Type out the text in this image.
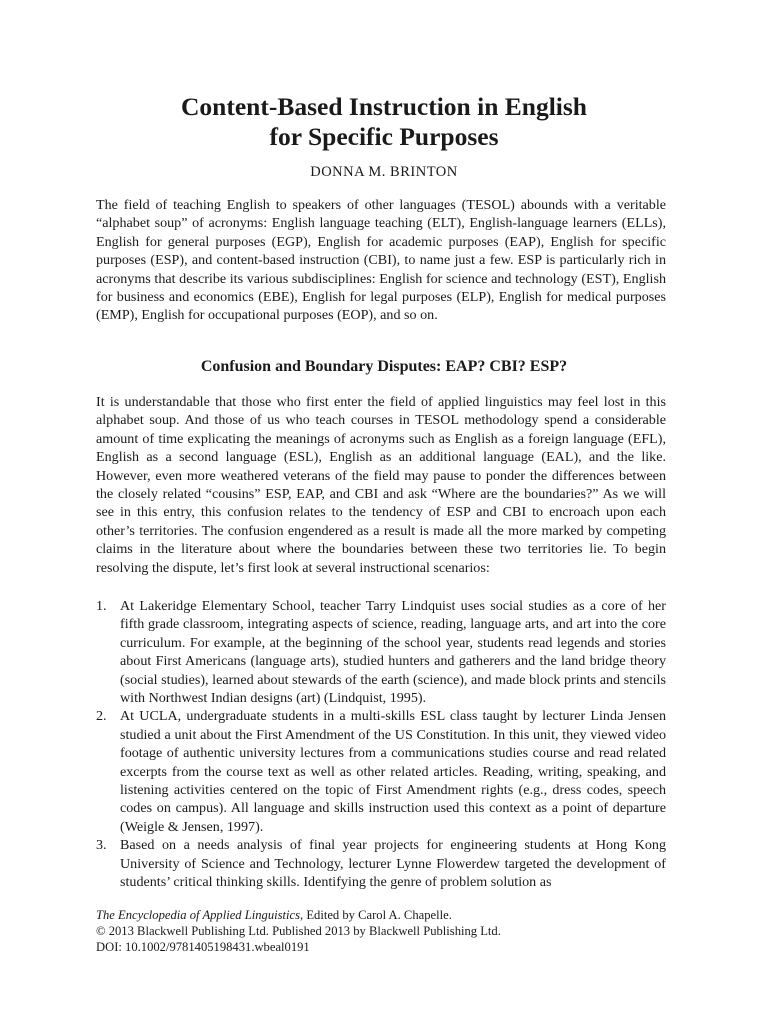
Content-Based Instruction in English
for Specific Purposes
DONNA M. BRINTON

The field of teaching English to speakers of other languages (TESOL) abounds with a veritable “alphabet soup” of acronyms: English language teaching (ELT), English-language learners (ELLs), English for general purposes (EGP), English for academic purposes (EAP), English for specific purposes (ESP), and content-based instruction (CBI), to name just a few. ESP is particularly rich in acronyms that describe its various subdisciplines: English for science and technology (EST), English for business and economics (EBE), English for legal purposes (ELP), English for medical purposes (EMP), English for occupational purposes (EOP), and so on.

Confusion and Boundary Disputes: EAP? CBI? ESP?

It is understandable that those who first enter the field of applied linguistics may feel lost in this alphabet soup. And those of us who teach courses in TESOL methodology spend a considerable amount of time explicating the meanings of acronyms such as English as a foreign language (EFL), English as a second language (ESL), English as an additional language (EAL), and the like. However, even more weathered veterans of the field may pause to ponder the differences between the closely related “cousins” ESP, EAP, and CBI and ask “Where are the boundaries?” As we will see in this entry, this confusion relates to the tendency of ESP and CBI to encroach upon each other’s territories. The confusion engendered as a result is made all the more marked by competing claims in the literature about where the boundaries between these two territories lie. To begin resolving the dispute, let’s first look at several instructional scenarios:

1. At Lakeridge Elementary School, teacher Tarry Lindquist uses social studies as a core of her fifth grade classroom, integrating aspects of science, reading, language arts, and art into the core curriculum. For example, at the beginning of the school year, students read legends and stories about First Americans (language arts), studied hunters and gatherers and the land bridge theory (social studies), learned about stewards of the earth (science), and made block prints and stencils with Northwest Indian designs (art) (Lindquist, 1995).
2. At UCLA, undergraduate students in a multi-skills ESL class taught by lecturer Linda Jensen studied a unit about the First Amendment of the US Constitution. In this unit, they viewed video footage of authentic university lectures from a communications studies course and read related excerpts from the course text as well as other related articles. Reading, writing, speaking, and listening activities centered on the topic of First Amendment rights (e.g., dress codes, speech codes on campus). All language and skills instruction used this context as a point of departure (Weigle & Jensen, 1997).
3. Based on a needs analysis of final year projects for engineering students at Hong Kong University of Science and Technology, lecturer Lynne Flowerdew targeted the development of students’ critical thinking skills. Identifying the genre of problem solution as
The Encyclopedia of Applied Linguistics, Edited by Carol A. Chapelle.
© 2013 Blackwell Publishing Ltd. Published 2013 by Blackwell Publishing Ltd.
DOI: 10.1002/9781405198431.wbeal0191
